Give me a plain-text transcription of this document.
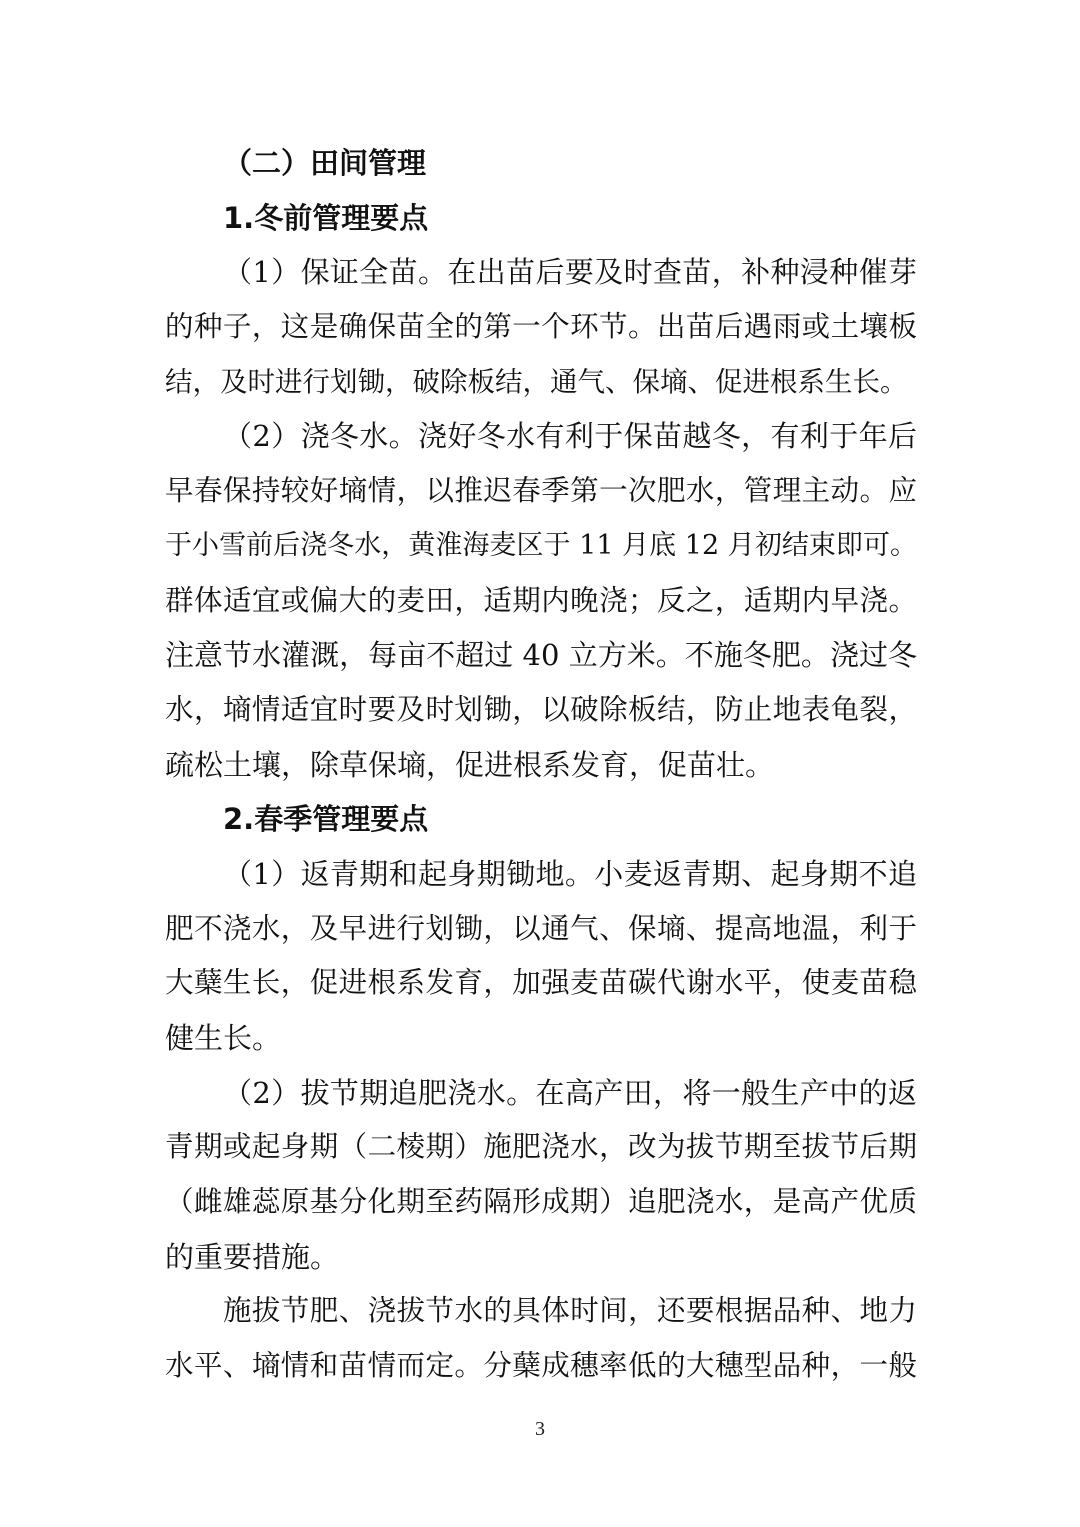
（二）田间管理
1.冬前管理要点
（1）保证全苗。在出苗后要及时查苗，补种浸种催芽
的种子，这是确保苗全的第一个环节。出苗后遇雨或土壤板
结，及时进行划锄，破除板结，通气、保墒、促进根系生长。
（2）浇冬水。浇好冬水有利于保苗越冬，有利于年后
早春保持较好墒情，以推迟春季第一次肥水，管理主动。应
于小雪前后浇冬水，黄淮海麦区于 11 月底 12 月初结束即可。
群体适宜或偏大的麦田，适期内晚浇；反之，适期内早浇。
注意节水灌溉，每亩不超过 40 立方米。不施冬肥。浇过冬
水，墒情适宜时要及时划锄，以破除板结，防止地表龟裂，
疏松土壤，除草保墒，促进根系发育，促苗壮。
2.春季管理要点
（1）返青期和起身期锄地。小麦返青期、起身期不追
肥不浇水，及早进行划锄，以通气、保墒、提高地温，利于
大蘖生长，促进根系发育，加强麦苗碳代谢水平，使麦苗稳
健生长。
（2）拔节期追肥浇水。在高产田，将一般生产中的返
青期或起身期（二棱期）施肥浇水，改为拔节期至拔节后期
（雌雄蕊原基分化期至药隔形成期）追肥浇水，是高产优质
的重要措施。
施拔节肥、浇拔节水的具体时间，还要根据品种、地力
水平、墒情和苗情而定。分蘖成穗率低的大穗型品种，一般
3
